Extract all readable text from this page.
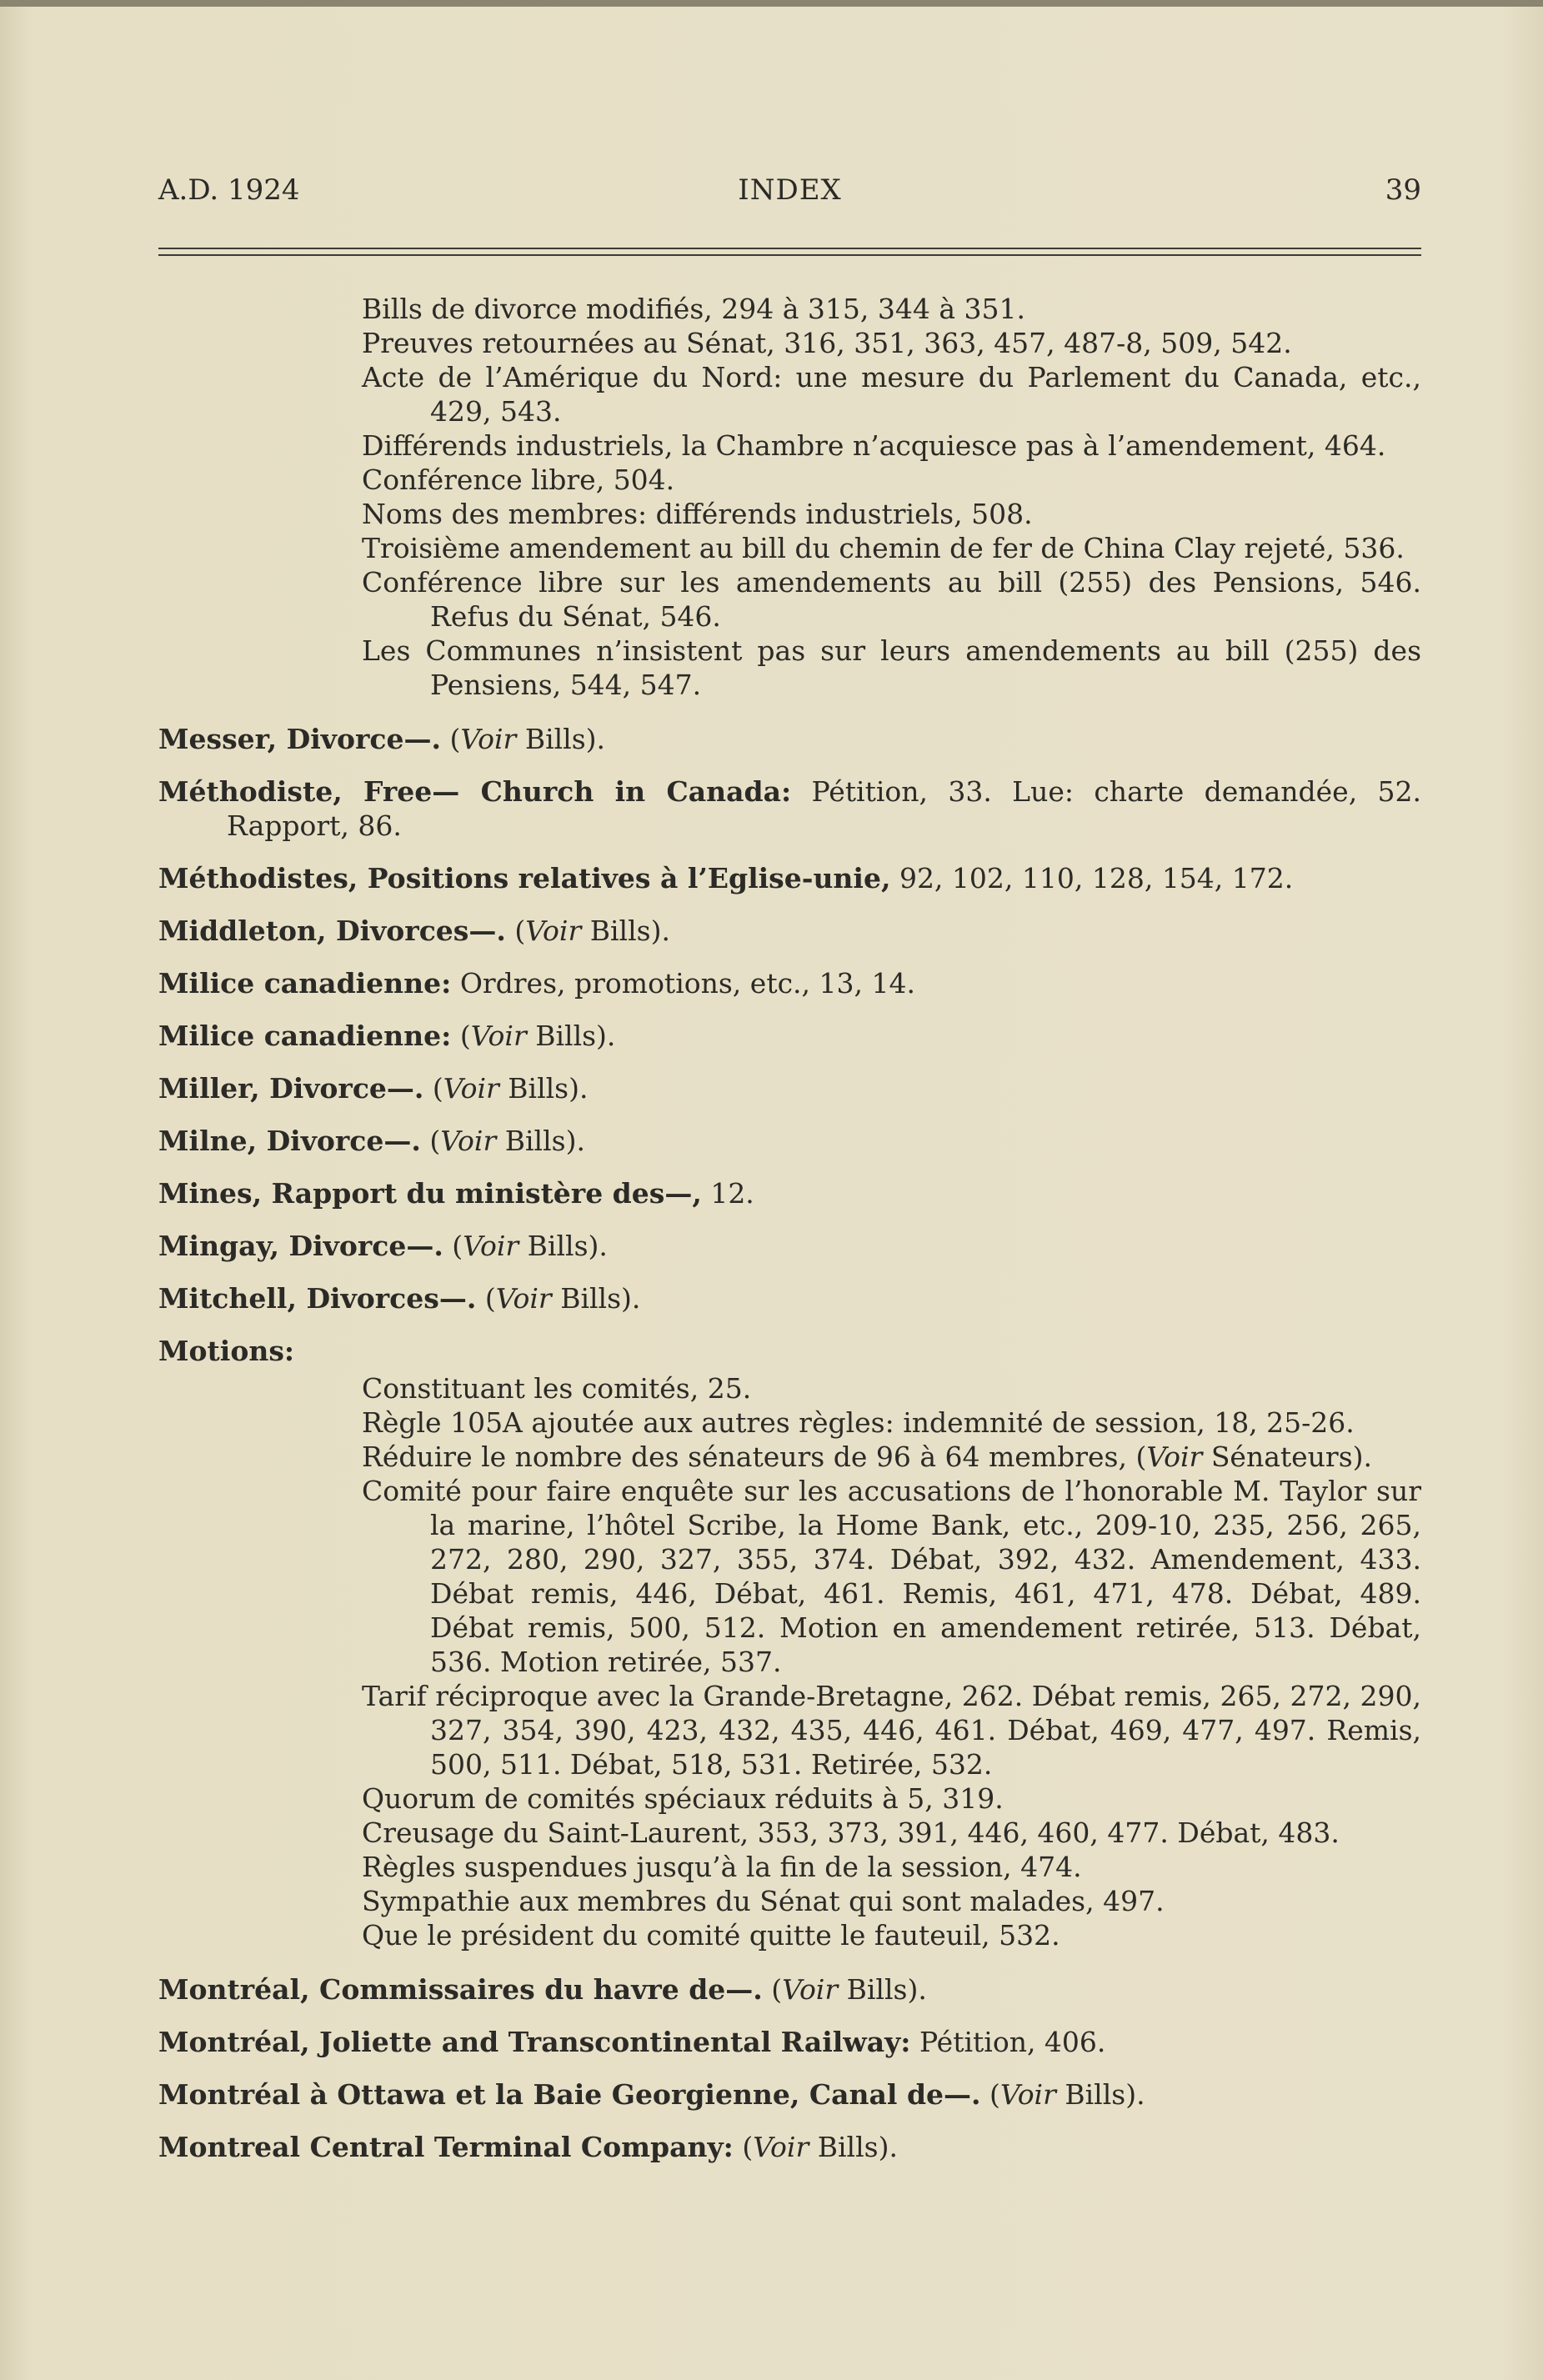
A.D. 1924	INDEX	39
Bills de divorce modifiés, 294 à 315, 344 à 351.
Preuves retournées au Sénat, 316, 351, 363, 457, 487-8, 509, 542.
Acte de l’Amérique du Nord: une mesure du Parlement du Canada, etc., 429, 543.
Différends industriels, la Chambre n’acquiesce pas à l’amendement, 464.
Conférence libre, 504.
Noms des membres: différends industriels, 508.
Troisième amendement au bill du chemin de fer de China Clay rejeté, 536.
Conférence libre sur les amendements au bill (255) des Pensions, 546. Refus du Sénat, 546.
Les Communes n’insistent pas sur leurs amendements au bill (255) des Pensiens, 544, 547.
Messer, Divorce—. (Voir Bills).
Méthodiste, Free— Church in Canada: Pétition, 33. Lue: charte demandée, 52. Rapport, 86.
Méthodistes, Positions relatives à l’Eglise-unie, 92, 102, 110, 128, 154, 172.
Middleton, Divorces—. (Voir Bills).
Milice canadienne: Ordres, promotions, etc., 13, 14.
Milice canadienne: (Voir Bills).
Miller, Divorce—. (Voir Bills).
Milne, Divorce—. (Voir Bills).
Mines, Rapport du ministère des—, 12.
Mingay, Divorce—. (Voir Bills).
Mitchell, Divorces—. (Voir Bills).
Motions:
Constituant les comités, 25.
Règle 105A ajoutée aux autres règles: indemnité de session, 18, 25-26.
Réduire le nombre des sénateurs de 96 à 64 membres, (Voir Sénateurs).
Comité pour faire enquête sur les accusations de l’honorable M. Taylor sur la marine, l’hôtel Scribe, la Home Bank, etc., 209-10, 235, 256, 265, 272, 280, 290, 327, 355, 374. Débat, 392, 432. Amendement, 433. Débat remis, 446, Débat, 461. Remis, 461, 471, 478. Débat, 489. Débat remis, 500, 512. Motion en amendement retirée, 513. Débat, 536. Motion retirée, 537.
Tarif réciproque avec la Grande-Bretagne, 262. Débat remis, 265, 272, 290, 327, 354, 390, 423, 432, 435, 446, 461. Débat, 469, 477, 497. Remis, 500, 511. Débat, 518, 531. Retirée, 532.
Quorum de comités spéciaux réduits à 5, 319.
Creusage du Saint-Laurent, 353, 373, 391, 446, 460, 477. Débat, 483.
Règles suspendues jusqu’à la fin de la session, 474.
Sympathie aux membres du Sénat qui sont malades, 497.
Que le président du comité quitte le fauteuil, 532.
Montréal, Commissaires du havre de—. (Voir Bills).
Montréal, Joliette and Transcontinental Railway: Pétition, 406.
Montréal à Ottawa et la Baie Georgienne, Canal de—. (Voir Bills).
Montreal Central Terminal Company: (Voir Bills).
